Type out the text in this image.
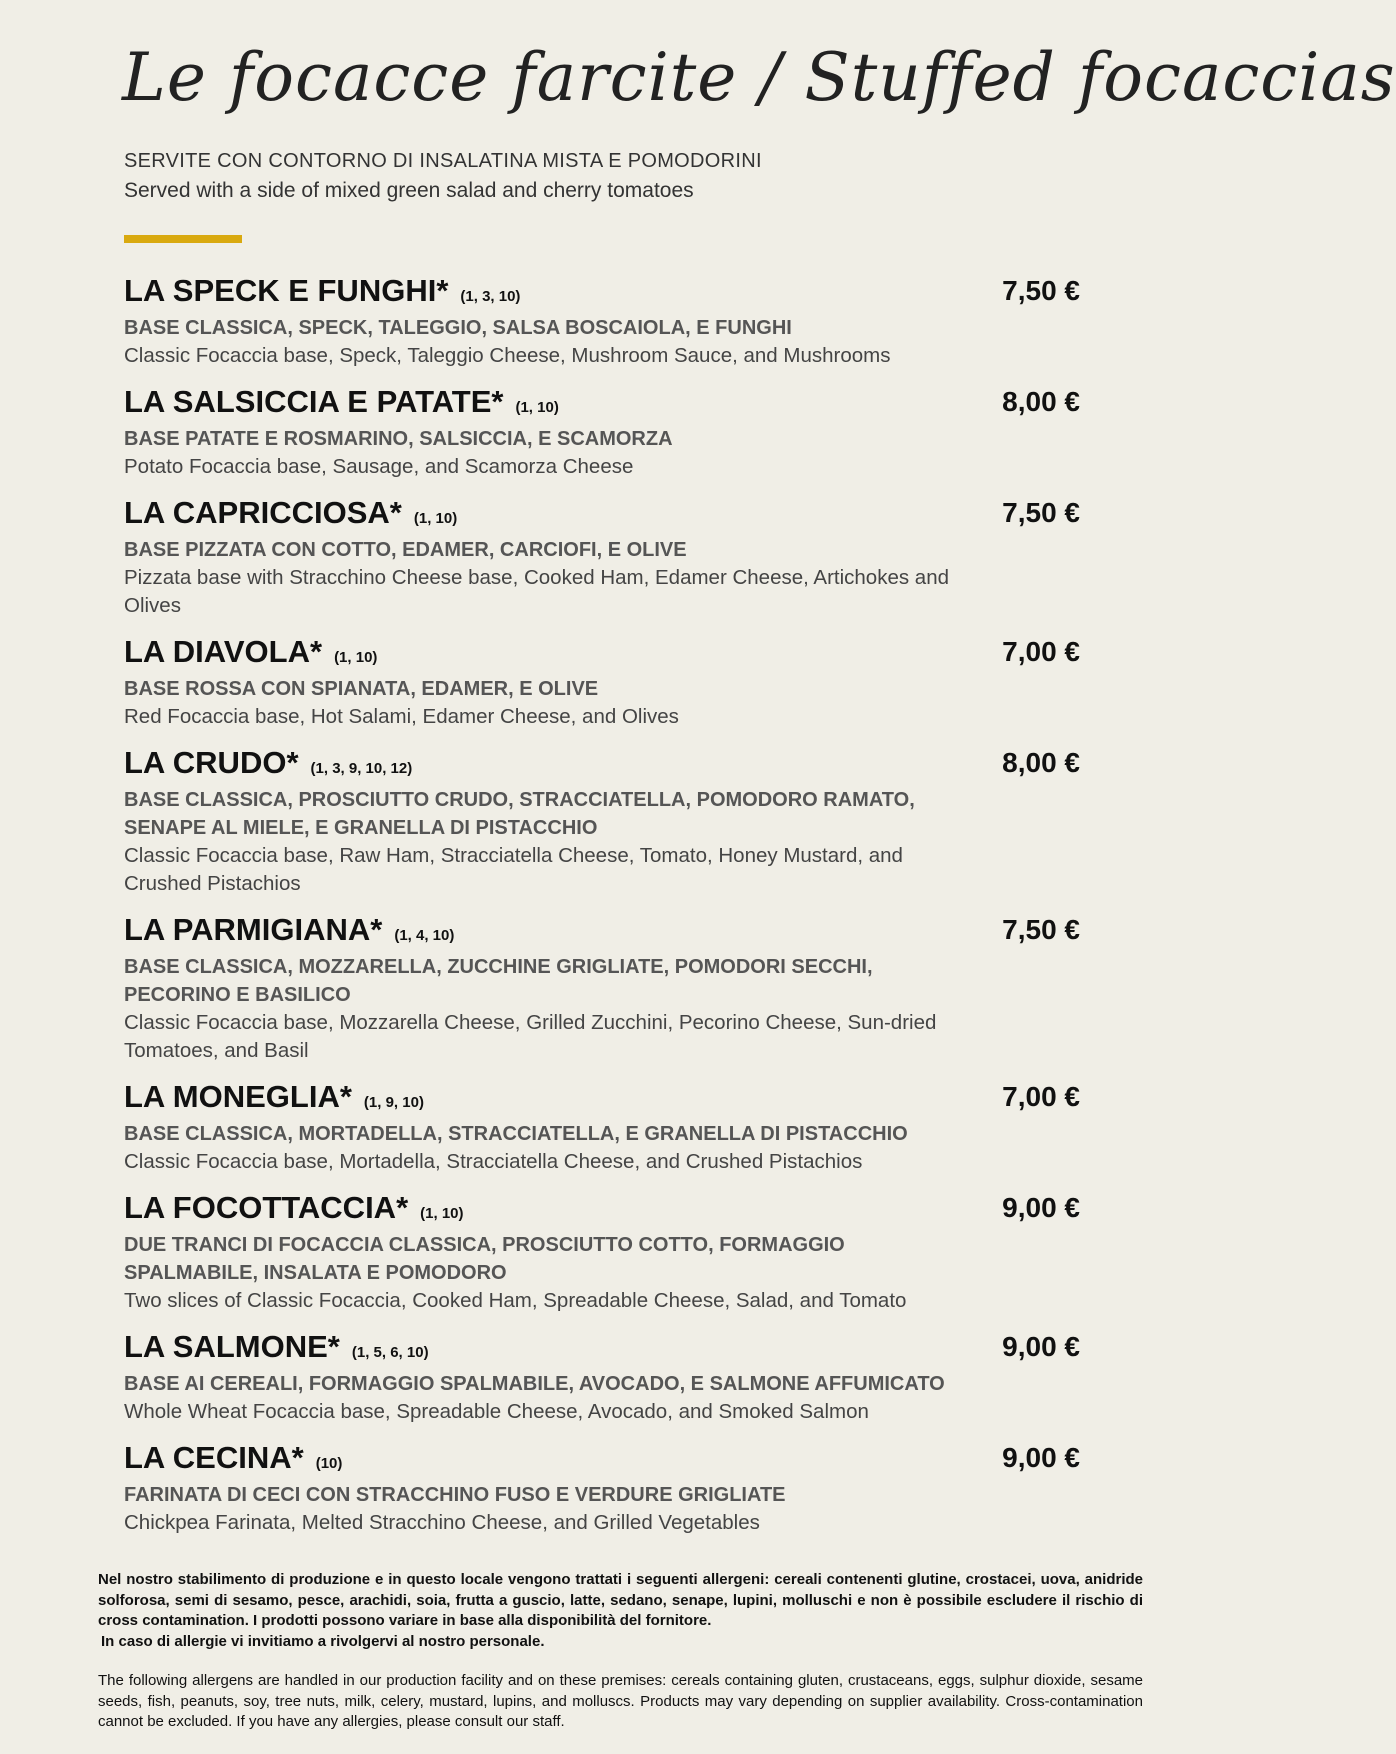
Le focacce farcite / Stuffed focaccias
SERVITE CON CONTORNO DI INSALATINA MISTA E POMODORINI
Served with a side of mixed green salad and cherry tomatoes
LA SPECK E FUNGHI* (1, 3, 10)	7,50 €
BASE CLASSICA, SPECK, TALEGGIO, SALSA BOSCAIOLA, E FUNGHI
Classic Focaccia base, Speck, Taleggio Cheese, Mushroom Sauce, and Mushrooms
LA SALSICCIA E PATATE* (1, 10)	8,00 €
BASE PATATE E ROSMARINO, SALSICCIA, E SCAMORZA
Potato Focaccia base, Sausage, and Scamorza Cheese
LA CAPRICCIOSA* (1, 10)	7,50 €
BASE PIZZATA CON COTTO, EDAMER, CARCIOFI, E OLIVE
Pizzata base with Stracchino Cheese base, Cooked Ham, Edamer Cheese, Artichokes and Olives
LA DIAVOLA* (1, 10)	7,00 €
BASE ROSSA CON SPIANATA, EDAMER, E OLIVE
Red Focaccia base, Hot Salami, Edamer Cheese, and Olives
LA CRUDO* (1, 3, 9, 10, 12)	8,00 €
BASE CLASSICA, PROSCIUTTO CRUDO, STRACCIATELLA, POMODORO RAMATO, SENAPE AL MIELE, E GRANELLA DI PISTACCHIO
Classic Focaccia base, Raw Ham, Stracciatella Cheese, Tomato, Honey Mustard, and Crushed Pistachios
LA PARMIGIANA* (1, 4, 10)	7,50 €
BASE CLASSICA, MOZZARELLA, ZUCCHINE GRIGLIATE, POMODORI SECCHI, PECORINO E BASILICO
Classic Focaccia base, Mozzarella Cheese, Grilled Zucchini, Pecorino Cheese, Sun-dried Tomatoes, and Basil
LA MONEGLIA* (1, 9, 10)	7,00 €
BASE CLASSICA, MORTADELLA, STRACCIATELLA, E GRANELLA DI PISTACCHIO
Classic Focaccia base, Mortadella, Stracciatella Cheese, and Crushed Pistachios
LA FOCOTTACCIA* (1, 10)	9,00 €
DUE TRANCI DI FOCACCIA CLASSICA, PROSCIUTTO COTTO, FORMAGGIO SPALMABILE, INSALATA E POMODORO
Two slices of Classic Focaccia, Cooked Ham, Spreadable Cheese, Salad, and Tomato
LA SALMONE* (1, 5, 6, 10)	9,00 €
BASE AI CEREALI, FORMAGGIO SPALMABILE, AVOCADO, E SALMONE AFFUMICATO
Whole Wheat Focaccia base, Spreadable Cheese, Avocado, and Smoked Salmon
LA CECINA* (10)	9,00 €
FARINATA DI CECI CON STRACCHINO FUSO E VERDURE GRIGLIATE
Chickpea Farinata, Melted Stracchino Cheese, and Grilled Vegetables
Nel nostro stabilimento di produzione e in questo locale vengono trattati i seguenti allergeni: cereali contenenti glutine, crostacei, uova, anidride solforosa, semi di sesamo, pesce, arachidi, soia, frutta a guscio, latte, sedano, senape, lupini, molluschi e non è possibile escludere il rischio di cross contamination. I prodotti possono variare in base alla disponibilità del fornitore.
In caso di allergie vi invitiamo a rivolgervi al nostro personale.
The following allergens are handled in our production facility and on these premises: cereals containing gluten, crustaceans, eggs, sulphur dioxide, sesame seeds, fish, peanuts, soy, tree nuts, milk, celery, mustard, lupins, and molluscs. Products may vary depending on supplier availability. Cross-contamination cannot be excluded. If you have any allergies, please consult our staff.
